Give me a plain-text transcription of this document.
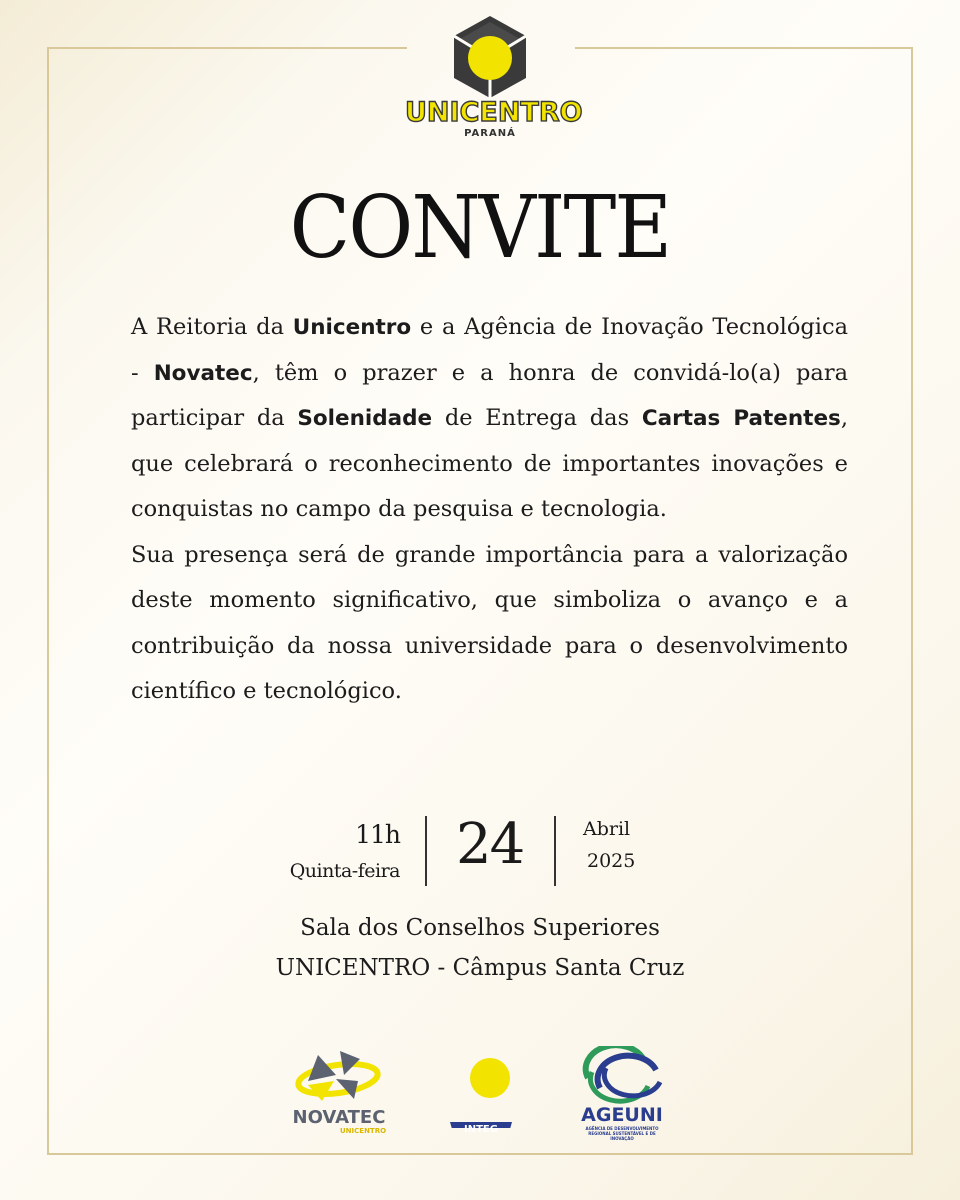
UNICENTRO
PARANÁ
CONVITE

A Reitoria da Unicentro e a Agência de Inovação Tecnológica - Novatec, têm o prazer e a honra de convidá-lo(a) para participar da Solenidade de Entrega das Cartas Patentes, que celebrará o reconhecimento de importantes inovações e conquistas no campo da pesquisa e tecnologia.

Sua presença será de grande importância para a valorização deste momento significativo, que simboliza o avanço e a contribuição da nossa universidade para o desenvolvimento científico e tecnológico.

11h
Quinta-feira 24	Abril
2025
Sala dos Conselhos Superiores
UNICENTRO - Câmpus Santa Cruz
NOVATEC
UNICENTRO	INTEG
AGEUNI
AGÊNCIA DE DESENVOLVIMENTO REGIONAL SUSTENTÁVEL E DE INOVAÇÃO
